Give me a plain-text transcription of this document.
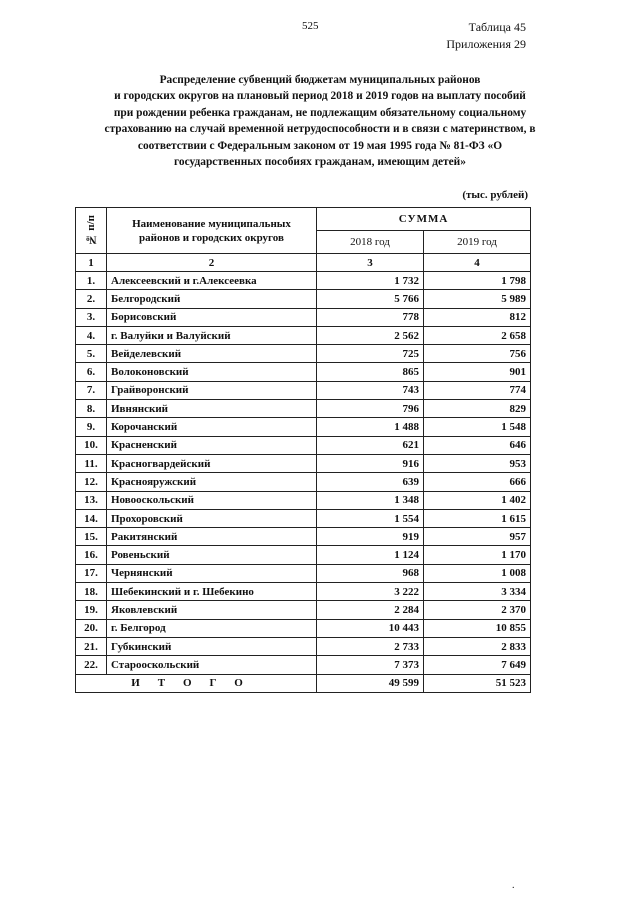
525	Таблица 45
Приложения 29
Распределение субвенций бюджетам муниципальных районов
и городских округов на плановый период 2018 и 2019 годов на выплату пособий
при рождении ребенка гражданам, не подлежащим обязательному социальному
страхованию на случай временной нетрудоспособности и в связи с материнством, в
соответствии с Федеральным законом от 19 мая 1995 года № 81-ФЗ «О
государственных пособиях гражданам, имеющим детей»
(тыс. рублей)
№ п/п	Наименование муниципальных районов и городских округов	СУММА	
		2018 год	2019 год
1	2	3	4
1.	Алексеевский и г.Алексеевка	1 732	1 798
2.	Белгородский	5 766	5 989
3.	Борисовский	778	812
4.	г. Валуйки и Валуйский	2 562	2 658
5.	Вейделевский	725	756
6.	Волоконовский	865	901
7.	Грайворонский	743	774
8.	Ивнянский	796	829
9.	Корочанский	1 488	1 548
10.	Красненский	621	646
11.	Красногвардейский	916	953
12.	Краснояружский	639	666
13.	Новооскольский	1 348	1 402
14.	Прохоровский	1 554	1 615
15.	Ракитянский	919	957
16.	Ровеньский	1 124	1 170
17.	Чернянский	968	1 008
18.	Шебекинский и г. Шебекино	3 222	3 334
19.	Яковлевский	2 284	2 370
20.	г. Белгород	10 443	10 855
21.	Губкинский	2 733	2 833
22.	Старооскольский	7 373	7 649
ИТОГО		49 599	51 523
.
